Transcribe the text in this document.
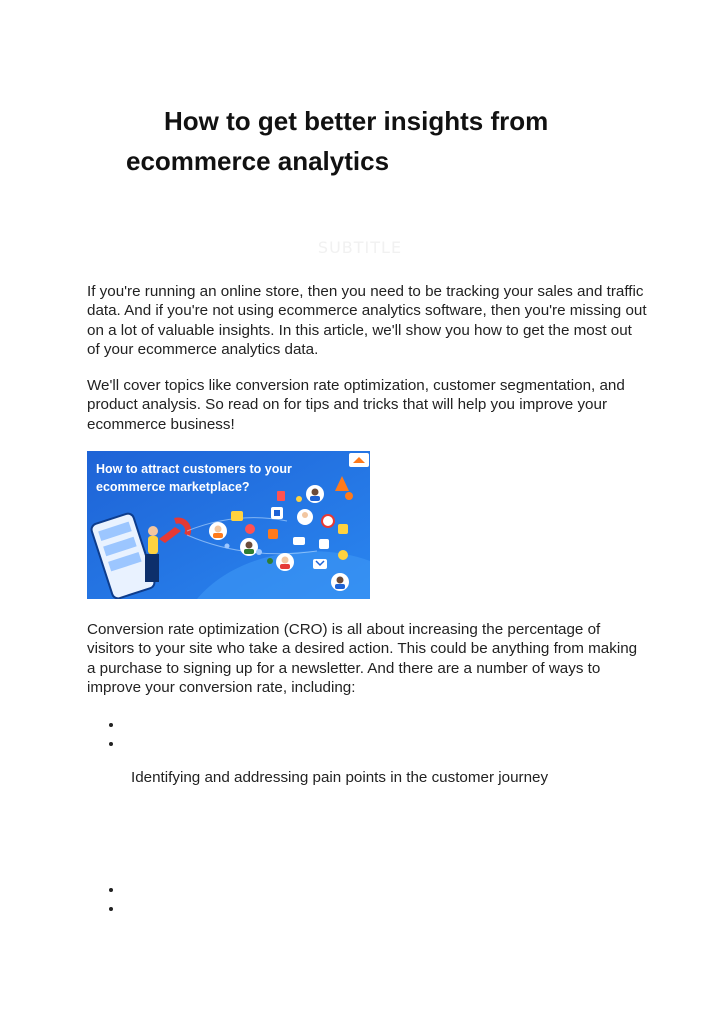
How to get better insights from
ecommerce analytics
SUBTITLE

If you're running an online store, then you need to be tracking your sales and traffic data. And if you're not using ecommerce analytics software, then you're missing out on a lot of valuable insights. In this article, we'll show you how to get the most out of your ecommerce analytics data.

We'll cover topics like conversion rate optimization, customer segmentation, and product analysis. So read on for tips and tricks that will help you improve your ecommerce business!

How to attract customers to your
ecommerce marketplace?

Conversion rate optimization (CRO) is all about increasing the percentage of visitors to your site who take a desired action. This could be anything from making a purchase to signing up for a newsletter. And there are a number of ways to improve your conversion rate, including:

Identifying and addressing pain points in the customer journey
